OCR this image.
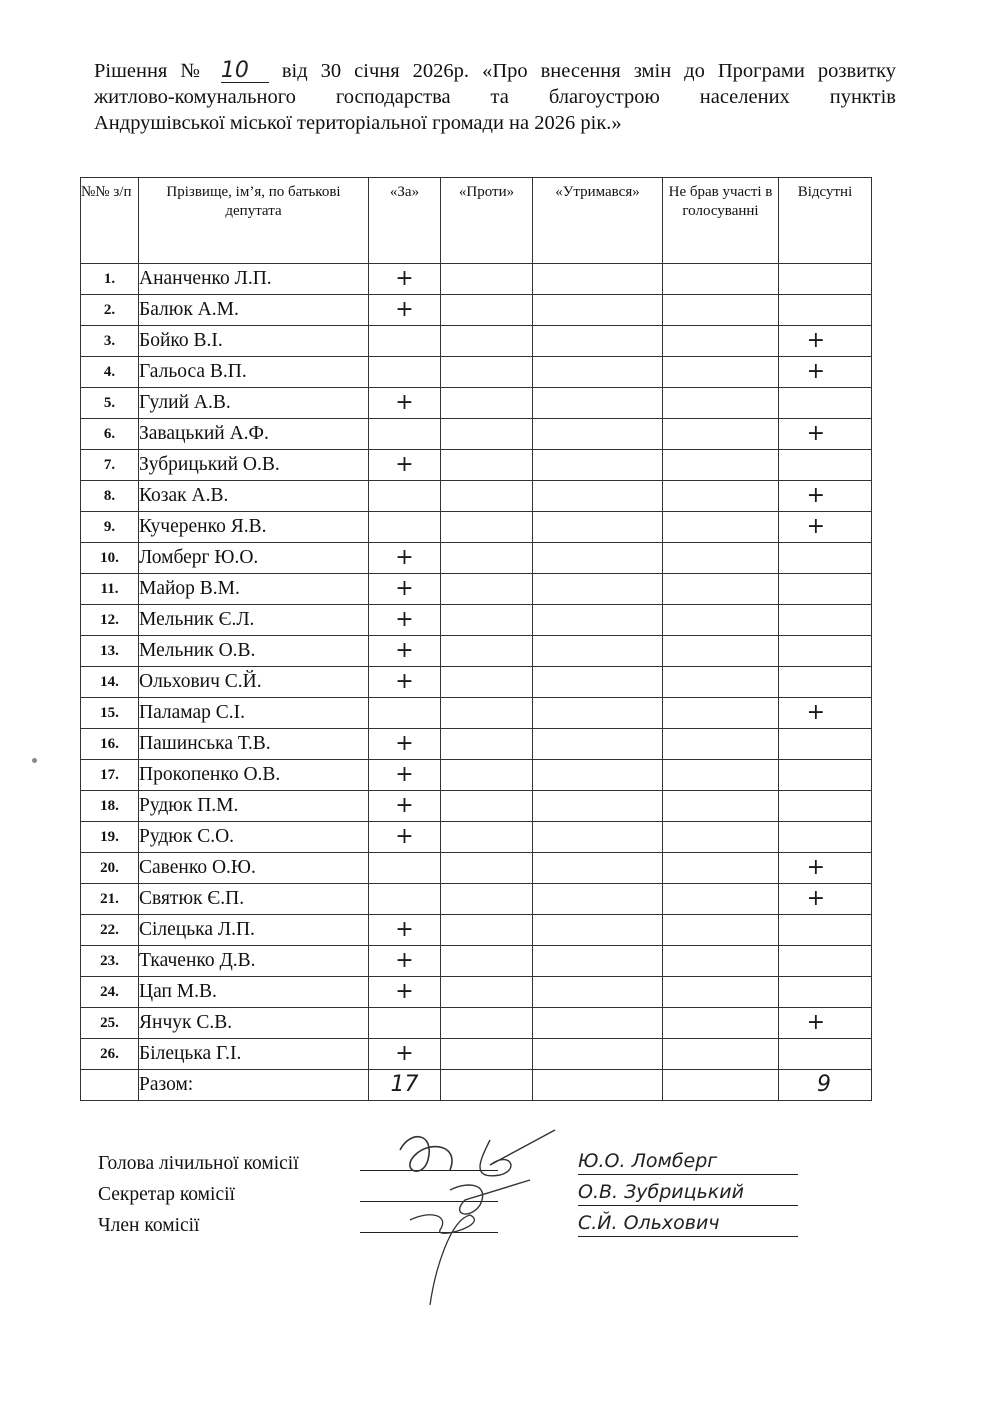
Рішення № 10 від 30 січня 2026р. «Про внесення змін до Програми розвитку
житлово-комунального господарства та благоустрою населених пунктів
Андрушівської міської територіальної громади на 2026 рік.»
№№ з/п	Прізвище, ім’я, по батькові депутата	«За»	«Проти»	«Утримався»	Не брав участі в голосуванні	Відсутні
1.	Ананченко Л.П.	+				
2.	Балюк А.М.	+				
3.	Бойко В.І.					+
4.	Гальоса В.П.					+
5.	Гулий А.В.	+				
6.	Завацький А.Ф.					+
7.	Зубрицький О.В.	+				
8.	Козак А.В.					+
9.	Кучеренко Я.В.					+
10.	Ломберг Ю.О.	+				
11.	Майор В.М.	+				
12.	Мельник Є.Л.	+				
13.	Мельник О.В.	+				
14.	Ольхович С.Й.	+				
15.	Паламар С.І.					+
16.	Пашинська Т.В.	+				
17.	Прокопенко О.В.	+				
18.	Рудюк П.М.	+				
19.	Рудюк С.О.	+				
20.	Савенко О.Ю.					+
21.	Святюк Є.П.					+
22.	Сілецька Л.П.	+				
23.	Ткаченко Д.В.	+				
24.	Цап М.В.	+				
25.	Янчук С.В.					+
26.	Білецька Г.І.	+				
	Разом:	17				9
Голова лічильної комісії	Ю.О. Ломберг
Секретар комісії	О.В. Зубрицький
Член комісії	С.Й. Ольхович
